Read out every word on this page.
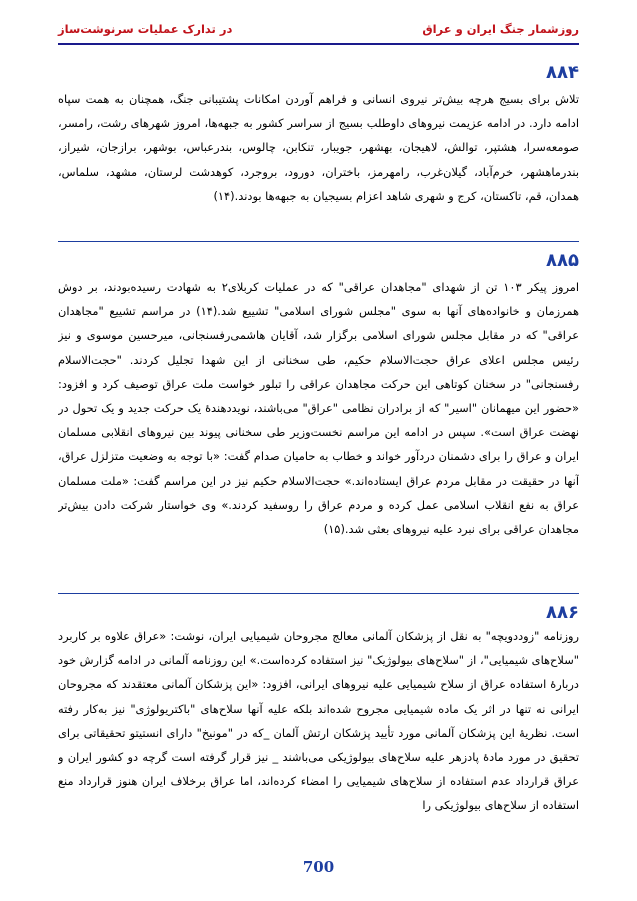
روزشمار جنگ ایران و عراق
در تدارک عملیات سرنوشت‌ساز
۸۸۴
تلاش برای بسیج هرچه بیش‌تر نیروی انسانی و فراهم آوردن امکانات پشتیبانی جنگ، همچنان به همت سپاه ادامه دارد. در ادامه عزیمت نیروهای داوطلب بسیج از سراسر کشور به جبهه‌ها، امروز شهرهای رشت، رامسر، صومعه‌سرا، هشتپر، توالش، لاهیجان، بهشهر، جویبار، تنکابن، چالوس، بندرعباس، بوشهر، برازجان، شیراز، بندرماهشهر، خرم‌آباد، گیلان‌غرب، رامهرمز، باختران، دورود، بروجرد، کوهدشت لرستان، مشهد، سلماس، همدان، قم، تاکستان، کرج و شهری شاهد اعزام بسیجیان به جبهه‌ها بودند.(۱۴)
۸۸۵
امروز پیکر ۱۰۳ تن از شهدای "مجاهدان عراقی" که در عملیات کربلای۲ به شهادت رسیده‌بودند، بر دوش همرزمان و خانواده‌های آنها به سوی "مجلس شورای اسلامی" تشییع شد.(۱۴) در مراسم تشییع "مجاهدان عراقی" که در مقابل مجلس شورای اسلامی برگزار شد، آقایان هاشمی‌رفسنجانی، میرحسین موسوی و نیز رئیس مجلس اعلای عراق حجت‌الاسلام حکیم، طی سخنانی از این شهدا تجلیل کردند. "حجت‌الاسلام رفسنجانی" در سخنان کوتاهی این حرکت مجاهدان عراقی را تبلور خواست ملت عراق توصیف کرد و افزود: «حضور این میهمانان "اسیر" که از برادران نظامی "عراق" می‌باشند، نویددهندهٔ یک حرکت جدید و یک تحول در نهضت عراق است». سپس در ادامه این مراسم نخست‌وزیر طی سخنانی پیوند بین نیروهای انقلابی مسلمان ایران و عراق را برای دشمنان دردآور خواند و خطاب به حامیان صدام گفت: «با توجه به وضعیت متزلزل عراق، آنها در حقیقت در مقابل مردم عراق ایستاده‌اند.» حجت‌الاسلام حکیم نیز در این مراسم گفت: «ملت مسلمان عراق به نفع انقلاب اسلامی عمل کرده و مردم عراق را روسفید کردند.» وی خواستار شرکت دادن بیش‌تر مجاهدان عراقی برای نبرد علیه نیروهای بعثی شد.(۱۵)
۸۸۶
روزنامه "زوددویچه" به نقل از پزشکان آلمانی معالج مجروحان شیمیایی ایران، نوشت: «عراق علاوه بر کاربرد "سلاح‌های شیمیایی"، از "سلاح‌های بیولوژیک" نیز استفاده کرده‌است.» این روزنامه آلمانی در ادامه گزارش خود دربارهٔ استفاده عراق از سلاح شیمیایی علیه نیروهای ایرانی، افزود: «این پزشکان آلمانی معتقدند که مجروحان ایرانی نه تنها در اثر یک ماده شیمیایی مجروح شده‌اند بلکه علیه آنها سلاح‌های "باکتریولوژی" نیز به‌کار رفته است. نظریهٔ این پزشکان آلمانی مورد تأیید پزشکان ارتش آلمان _که در "مونیخ" دارای انستیتو تحقیقاتی برای تحقیق در مورد مادهٔ پادزهر علیه سلاح‌های بیولوژیکی می‌باشند _ نیز قرار گرفته است گرچه دو کشور ایران و عراق قرارداد عدم استفاده از سلاح‌های شیمیایی را امضاء کرده‌اند، اما عراق برخلاف ایران هنوز قرارداد منع استفاده از سلاح‌های بیولوژیکی را
700
